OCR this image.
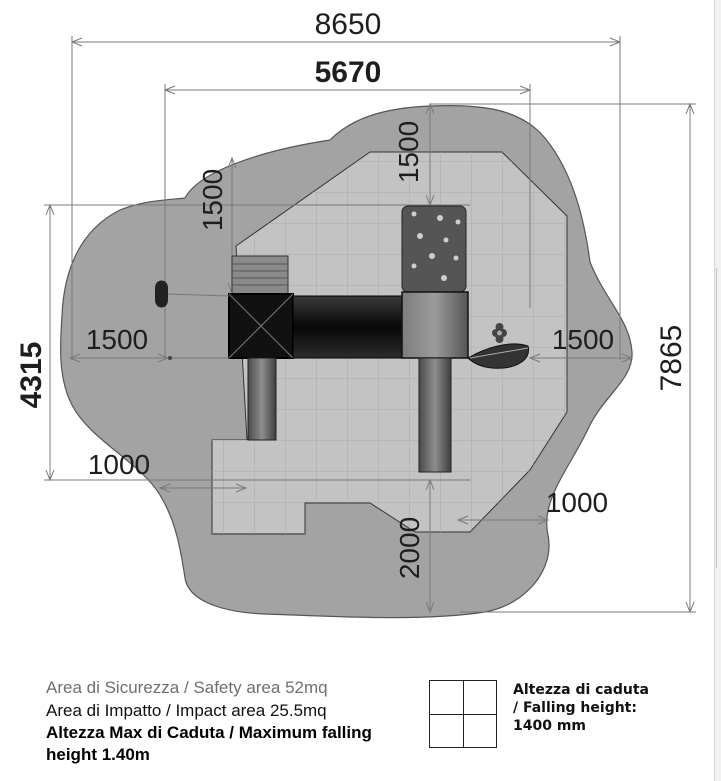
8650
5670
7865
4315
1500
1500
1500	1500
1000
1000
2000
Area di Sicurezza / Safety area 52mq
Area di Impatto / Impact area 25.5mq
Altezza Max di Caduta / Maximum falling height 1.40m
Altezza di caduta
/ Falling height:
1400 mm
